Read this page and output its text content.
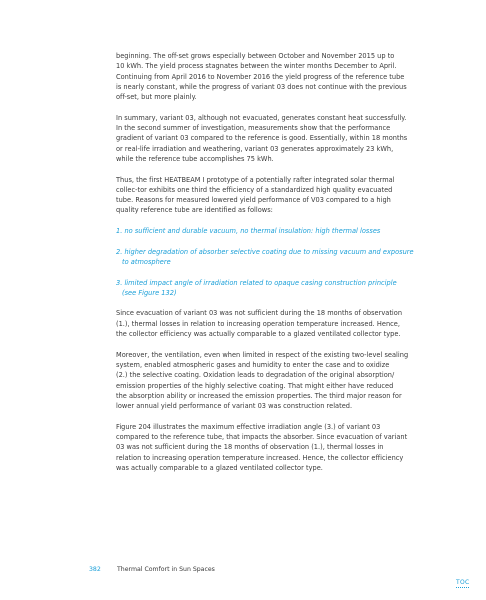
beginning. The off-set grows especially between October and November 2015 up to
10 kWh. The yield process stagnates between the winter months December to April.
Continuing from April 2016 to November 2016 the yield progress of the reference tube
is nearly constant, while the progress of variant 03 does not continue with the previous
off-set, but more plainly.

In summary, variant 03, although not evacuated, generates constant heat successfully.
In the second summer of investigation, measurements show that the performance
gradient of variant 03 compared to the reference is good. Essentially, within 18 months
or real-life irradiation and weathering, variant 03 generates approximately 23 kWh,
while the reference tube accomplishes 75 kWh.

Thus, the first HEATBEAM I prototype of a potentially rafter integrated solar thermal
collec-tor exhibits one third the efficiency of a standardized high quality evacuated
tube. Reasons for measured lowered yield performance of V03 compared to a high
quality reference tube are identified as follows:

1. no sufficient and durable vacuum, no thermal insulation: high thermal losses
2. higher degradation of absorber selective coating due to missing vacuum and exposure
to atmosphere
3. limited impact angle of irradiation related to opaque casing construction principle
(see Figure 132)

Since evacuation of variant 03 was not sufficient during the 18 months of observation
(1.), thermal losses in relation to increasing operation temperature increased. Hence,
the collector efficiency was actually comparable to a glazed ventilated collector type.

Moreover, the ventilation, even when limited in respect of the existing two-level sealing
system, enabled atmospheric gases and humidity to enter the case and to oxidize
(2.) the selective coating. Oxidation leads to degradation of the original absorption/
emission properties of the highly selective coating. That might either have reduced
the absorption ability or increased the emission properties. The third major reason for
lower annual yield performance of variant 03 was construction related.

Figure 204 illustrates the maximum effective irradiation angle (3.) of variant 03
compared to the reference tube, that impacts the absorber. Since evacuation of variant
03 was not sufficient during the 18 months of observation (1.), thermal losses in
relation to increasing operation temperature increased. Hence, the collector efficiency
was actually comparable to a glazed ventilated collector type.

382	Thermal Comfort in Sun Spaces
TOC
